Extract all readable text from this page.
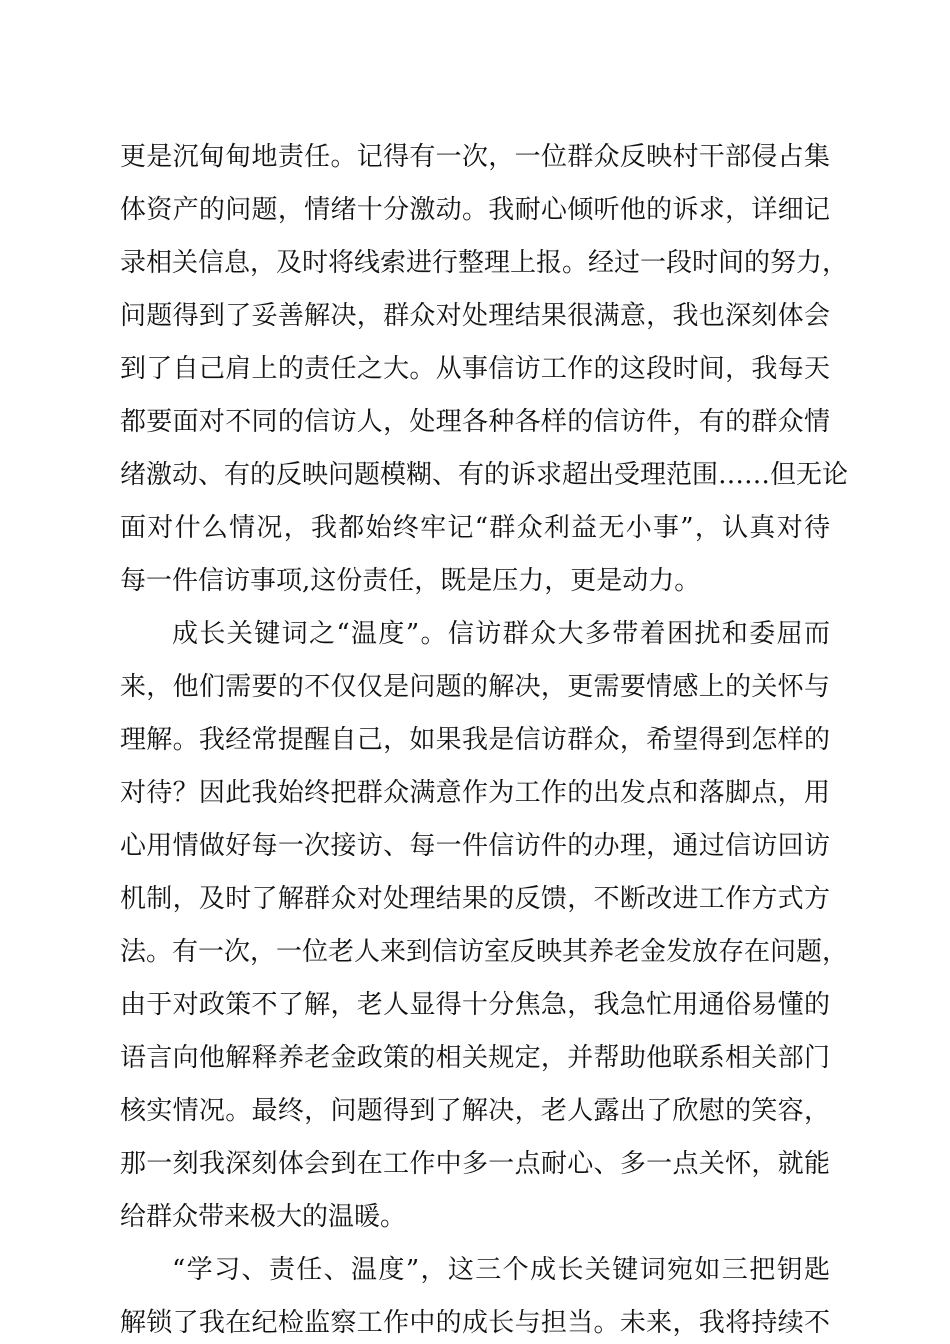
更是沉甸甸地责任。记得有一次，一位群众反映村干部侵占集
体资产的问题，情绪十分激动。我耐心倾听他的诉求，详细记
录相关信息，及时将线索进行整理上报。经过一段时间的努力，
问题得到了妥善解决，群众对处理结果很满意，我也深刻体会
到了自己肩上的责任之大。从事信访工作的这段时间，我每天
都要面对不同的信访人，处理各种各样的信访件，有的群众情
绪激动、有的反映问题模糊、有的诉求超出受理范围……但无论
面对什么情况，我都始终牢记“群众利益无小事”，认真对待
每一件信访事项,这份责任，既是压力，更是动力。
成长关键词之“温度”。信访群众大多带着困扰和委屈而
来，他们需要的不仅仅是问题的解决，更需要情感上的关怀与
理解。我经常提醒自己，如果我是信访群众，希望得到怎样的
对待？因此我始终把群众满意作为工作的出发点和落脚点，用
心用情做好每一次接访、每一件信访件的办理，通过信访回访
机制，及时了解群众对处理结果的反馈，不断改进工作方式方
法。有一次，一位老人来到信访室反映其养老金发放存在问题，
由于对政策不了解，老人显得十分焦急，我急忙用通俗易懂的
语言向他解释养老金政策的相关规定，并帮助他联系相关部门
核实情况。最终，问题得到了解决，老人露出了欣慰的笑容，
那一刻我深刻体会到在工作中多一点耐心、多一点关怀，就能
给群众带来极大的温暖。
“学习、责任、温度”，这三个成长关键词宛如三把钥匙
解锁了我在纪检监察工作中的成长与担当。未来，我将持续不
